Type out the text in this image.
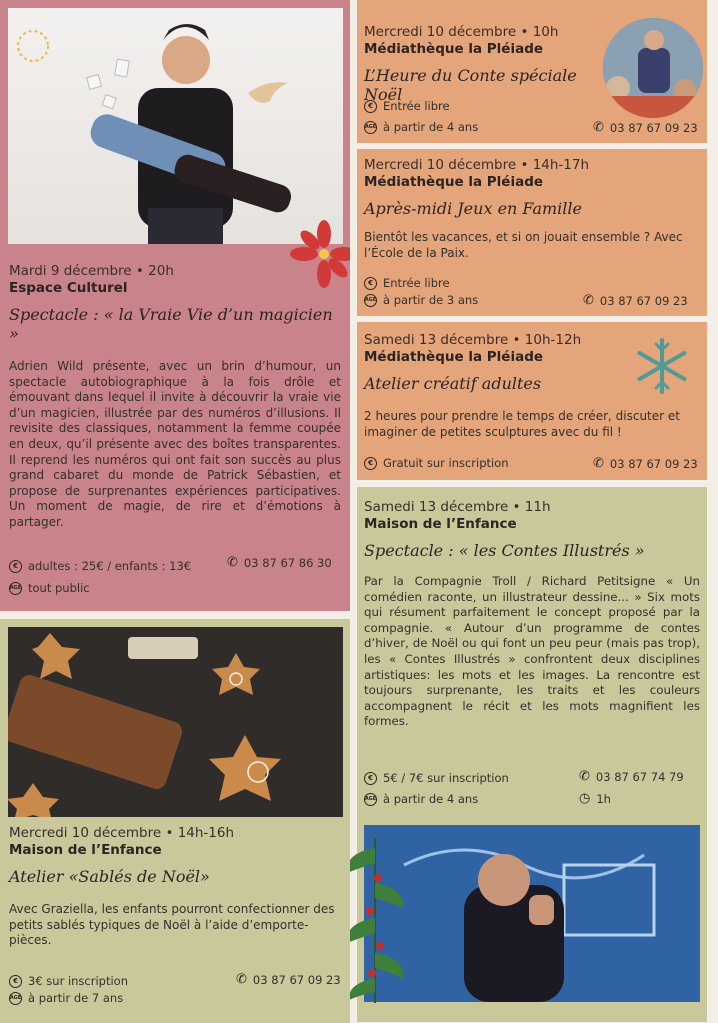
Mardi 9 décembre • 20h
Espace Culturel
Spectacle : « la Vraie Vie d’un magicien »
Adrien Wild présente, avec un brin d’humour, un spectacle autobiographique à la fois drôle et émouvant dans lequel il invite à découvrir la vraie vie d’un magicien, illustrée par des numéros d’illusions. Il revisite des classiques, notamment la femme coupée en deux, qu’il présente avec des boîtes transparentes. Il reprend les numéros qui ont fait son succès au plus grand cabaret du monde de Patrick Sébastien, et propose de surprenantes expériences participatives. Un moment de magie, de rire et d’émotions à partager.
€ adultes : 25€ / enfants : 13€
AGE tout public
✆ 03 87 67 86 30
Mercredi 10 décembre • 10h
Médiathèque la Pléiade
L’Heure du Conte spéciale Noël
€ Entrée libre
AGE à partir de 4 ans	✆ 03 87 67 09 23
Mercredi 10 décembre • 14h-17h
Médiathèque la Pléiade
Après-midi Jeux en Famille
Bientôt les vacances, et si on jouait ensemble ? Avec l’École de la Paix.
€ Entrée libre
AGE à partir de 3 ans	✆ 03 87 67 09 23
Samedi 13 décembre • 10h-12h
Médiathèque la Pléiade
Atelier créatif adultes
2 heures pour prendre le temps de créer, discuter et imaginer de petites sculptures avec du fil !
€ Gratuit sur inscription	✆ 03 87 67 09 23
Samedi 13 décembre • 11h
Maison de l’Enfance
Spectacle : « les Contes Illustrés »
Par la Compagnie Troll / Richard Petitsigne « Un comédien raconte, un illustrateur dessine... » Six mots qui résument parfaitement le concept proposé par la compagnie. « Autour d’un programme de contes d’hiver, de Noël ou qui font un peu peur (mais pas trop), les « Contes Illustrés » confrontent deux disciplines artistiques: les mots et les images. La rencontre est toujours surprenante, les traits et les couleurs accompagnent le récit et les mots magnifient les formes.
€ 5€ / 7€ sur inscription
AGE à partir de 4 ans
✆ 03 87 67 74 79
◷ 1h
Mercredi 10 décembre • 14h-16h
Maison de l’Enfance
Atelier «Sablés de Noël»
Avec Graziella, les enfants pourront confectionner des petits sablés typiques de Noël à l’aide d’emporte-pièces.
€ 3€ sur inscription
AGE à partir de 7 ans
✆ 03 87 67 09 23
